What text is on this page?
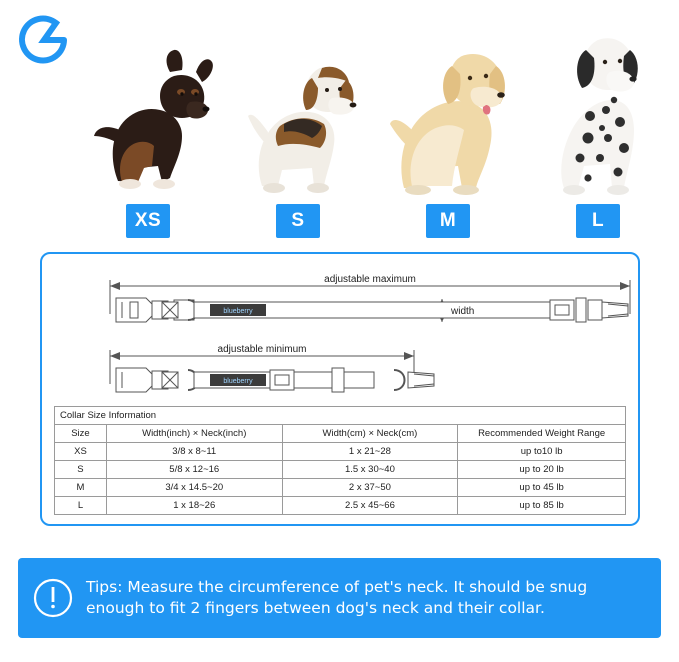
XS	S	M	L
blueberry
blueberry
adjustable maximum
adjustable minimum
width
Collar Size Information			
Size	Width(inch) × Neck(inch)	Width(cm) × Neck(cm)	Recommended Weight Range
XS	3/8 x 8~11	1 x 21~28	up to10 lb
S	5/8 x 12~16	1.5 x 30~40	up to 20 lb
M	3/4 x 14.5~20	2 x 37~50	up to 45 lb
L	1 x 18~26	2.5 x 45~66	up to 85 lb
Tips: Measure the circumference of pet's neck. It should be snug
enough to fit 2 fingers between dog's neck and their collar.
